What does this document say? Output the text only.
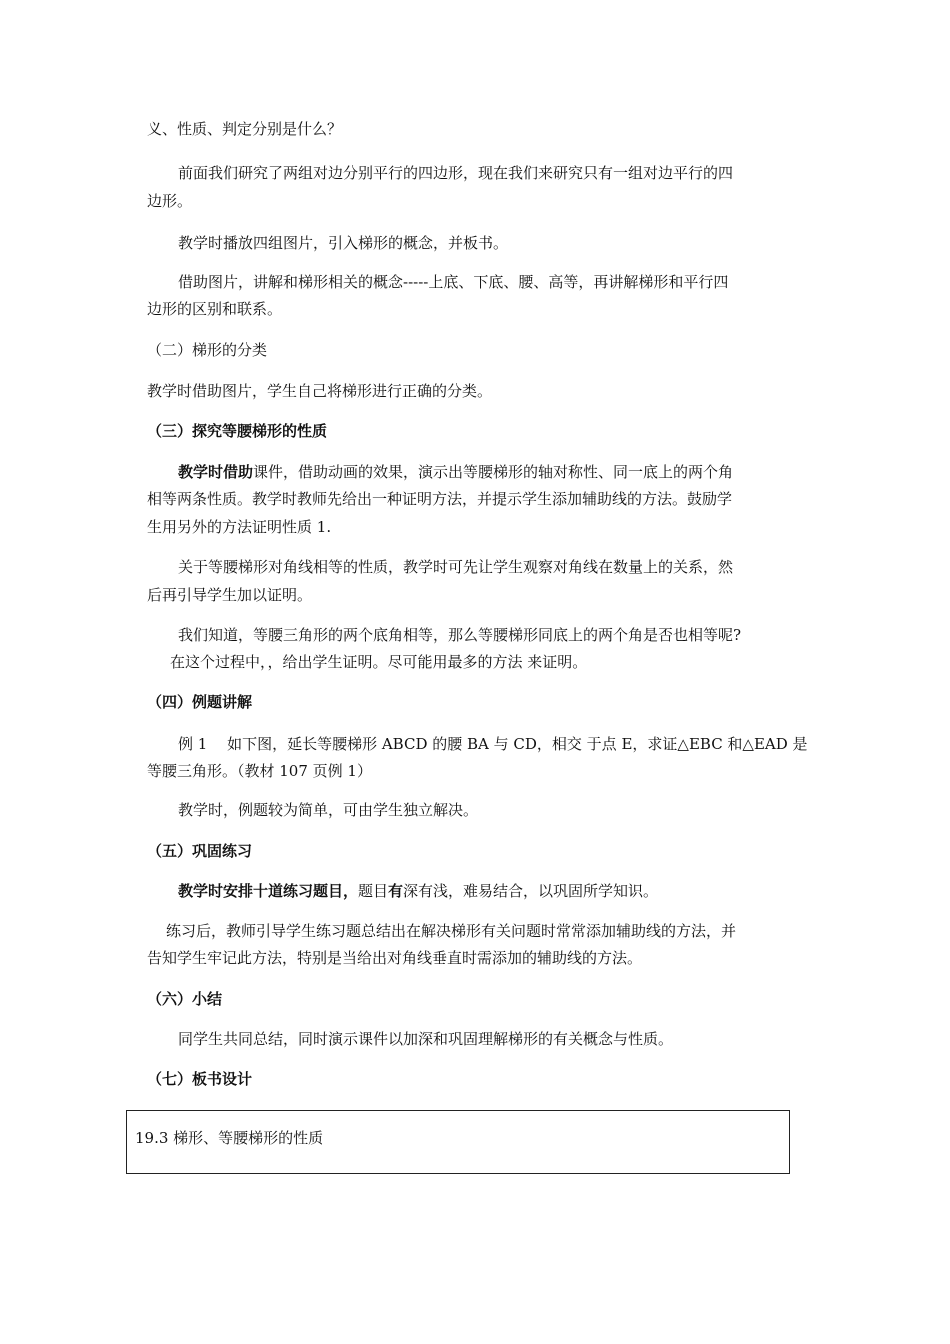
义、性质、判定分别是什么？
前面我们研究了两组对边分别平行的四边形，现在我们来研究只有一组对边平行的四
边形。
教学时播放四组图片，引入梯形的概念，并板书。
借助图片，讲解和梯形相关的概念-----上底、下底、腰、高等，再讲解梯形和平行四
边形的区别和联系。
（二）梯形的分类
教学时借助图片，学生自己将梯形进行正确的分类。
（三）探究等腰梯形的性质
教学时借助课件，借助动画的效果，演示出等腰梯形的轴对称性、同一底上的两个角
相等两条性质。教学时教师先给出一种证明方法，并提示学生添加辅助线的方法。鼓励学
生用另外的方法证明性质 1.
关于等腰梯形对角线相等的性质，教学时可先让学生观察对角线在数量上的关系，然
后再引导学生加以证明。
我们知道，等腰三角形的两个底角相等，那么等腰梯形同底上的两个角是否也相等呢?
在这个过程中，，给出学生证明。尽可能用最多的方法 来证明。
（四）例题讲解
例 1　 如下图，延长等腰梯形 ABCD 的腰 BA 与 CD，相交 于点 E，求证△EBC 和△EAD 是
等腰三角形。（教材 107 页例 1）
教学时，例题较为简单，可由学生独立解决。
（五）巩固练习
教学时安排十道练习题目，题目有深有浅，难易结合，以巩固所学知识。
练习后，教师引导学生练习题总结出在解决梯形有关问题时常常添加辅助线的方法，并
告知学生牢记此方法，特别是当给出对角线垂直时需添加的辅助线的方法。
（六）小结
同学生共同总结，同时演示课件以加深和巩固理解梯形的有关概念与性质。
（七）板书设计
19.3 梯形、等腰梯形的性质
